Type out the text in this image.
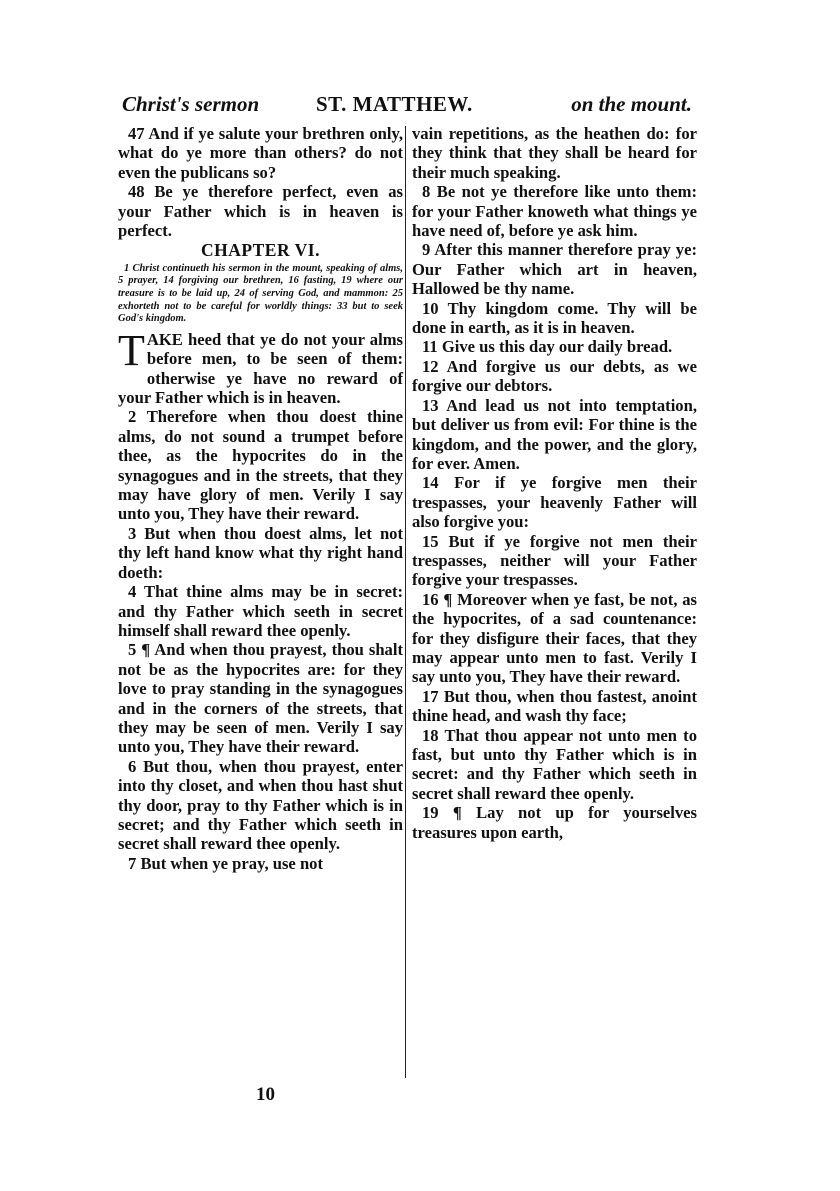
Christ's sermon	ST. MATTHEW.	on the mount.

47 And if ye salute your brethren only, what do ye more than others? do not even the publicans so?

48 Be ye therefore perfect, even as your Father which is in heaven is perfect.

CHAPTER VI.

1 Christ continueth his sermon in the mount, speaking of alms, 5 prayer, 14 forgiving our brethren, 16 fasting, 19 where our treasure is to be laid up, 24 of serving God, and mammon: 25 exhorteth not to be careful for worldly things: 33 but to seek God's kingdom.

TAKE heed that ye do not your alms before men, to be seen of them: otherwise ye have no reward of your Father which is in heaven.

2 Therefore when thou doest thine alms, do not sound a trumpet before thee, as the hypocrites do in the synagogues and in the streets, that they may have glory of men. Verily I say unto you, They have their reward.

3 But when thou doest alms, let not thy left hand know what thy right hand doeth:

4 That thine alms may be in secret: and thy Father which seeth in secret himself shall reward thee openly.

5 ¶ And when thou prayest, thou shalt not be as the hypocrites are: for they love to pray standing in the synagogues and in the corners of the streets, that they may be seen of men. Verily I say unto you, They have their reward.

6 But thou, when thou prayest, enter into thy closet, and when thou hast shut thy door, pray to thy Father which is in secret; and thy Father which seeth in secret shall reward thee openly.

7 But when ye pray, use not

vain repetitions, as the heathen do: for they think that they shall be heard for their much speaking.

8 Be not ye therefore like unto them: for your Father knoweth what things ye have need of, before ye ask him.

9 After this manner therefore pray ye: Our Father which art in heaven, Hallowed be thy name.

10 Thy kingdom come. Thy will be done in earth, as it is in heaven.

11 Give us this day our daily bread.

12 And forgive us our debts, as we forgive our debtors.

13 And lead us not into temptation, but deliver us from evil: For thine is the kingdom, and the power, and the glory, for ever. Amen.

14 For if ye forgive men their trespasses, your heavenly Father will also forgive you:

15 But if ye forgive not men their trespasses, neither will your Father forgive your trespasses.

16 ¶ Moreover when ye fast, be not, as the hypocrites, of a sad countenance: for they disfigure their faces, that they may appear unto men to fast. Verily I say unto you, They have their reward.

17 But thou, when thou fastest, anoint thine head, and wash thy face;

18 That thou appear not unto men to fast, but unto thy Father which is in secret: and thy Father which seeth in secret shall reward thee openly.

19 ¶ Lay not up for yourselves treasures upon earth,

10
